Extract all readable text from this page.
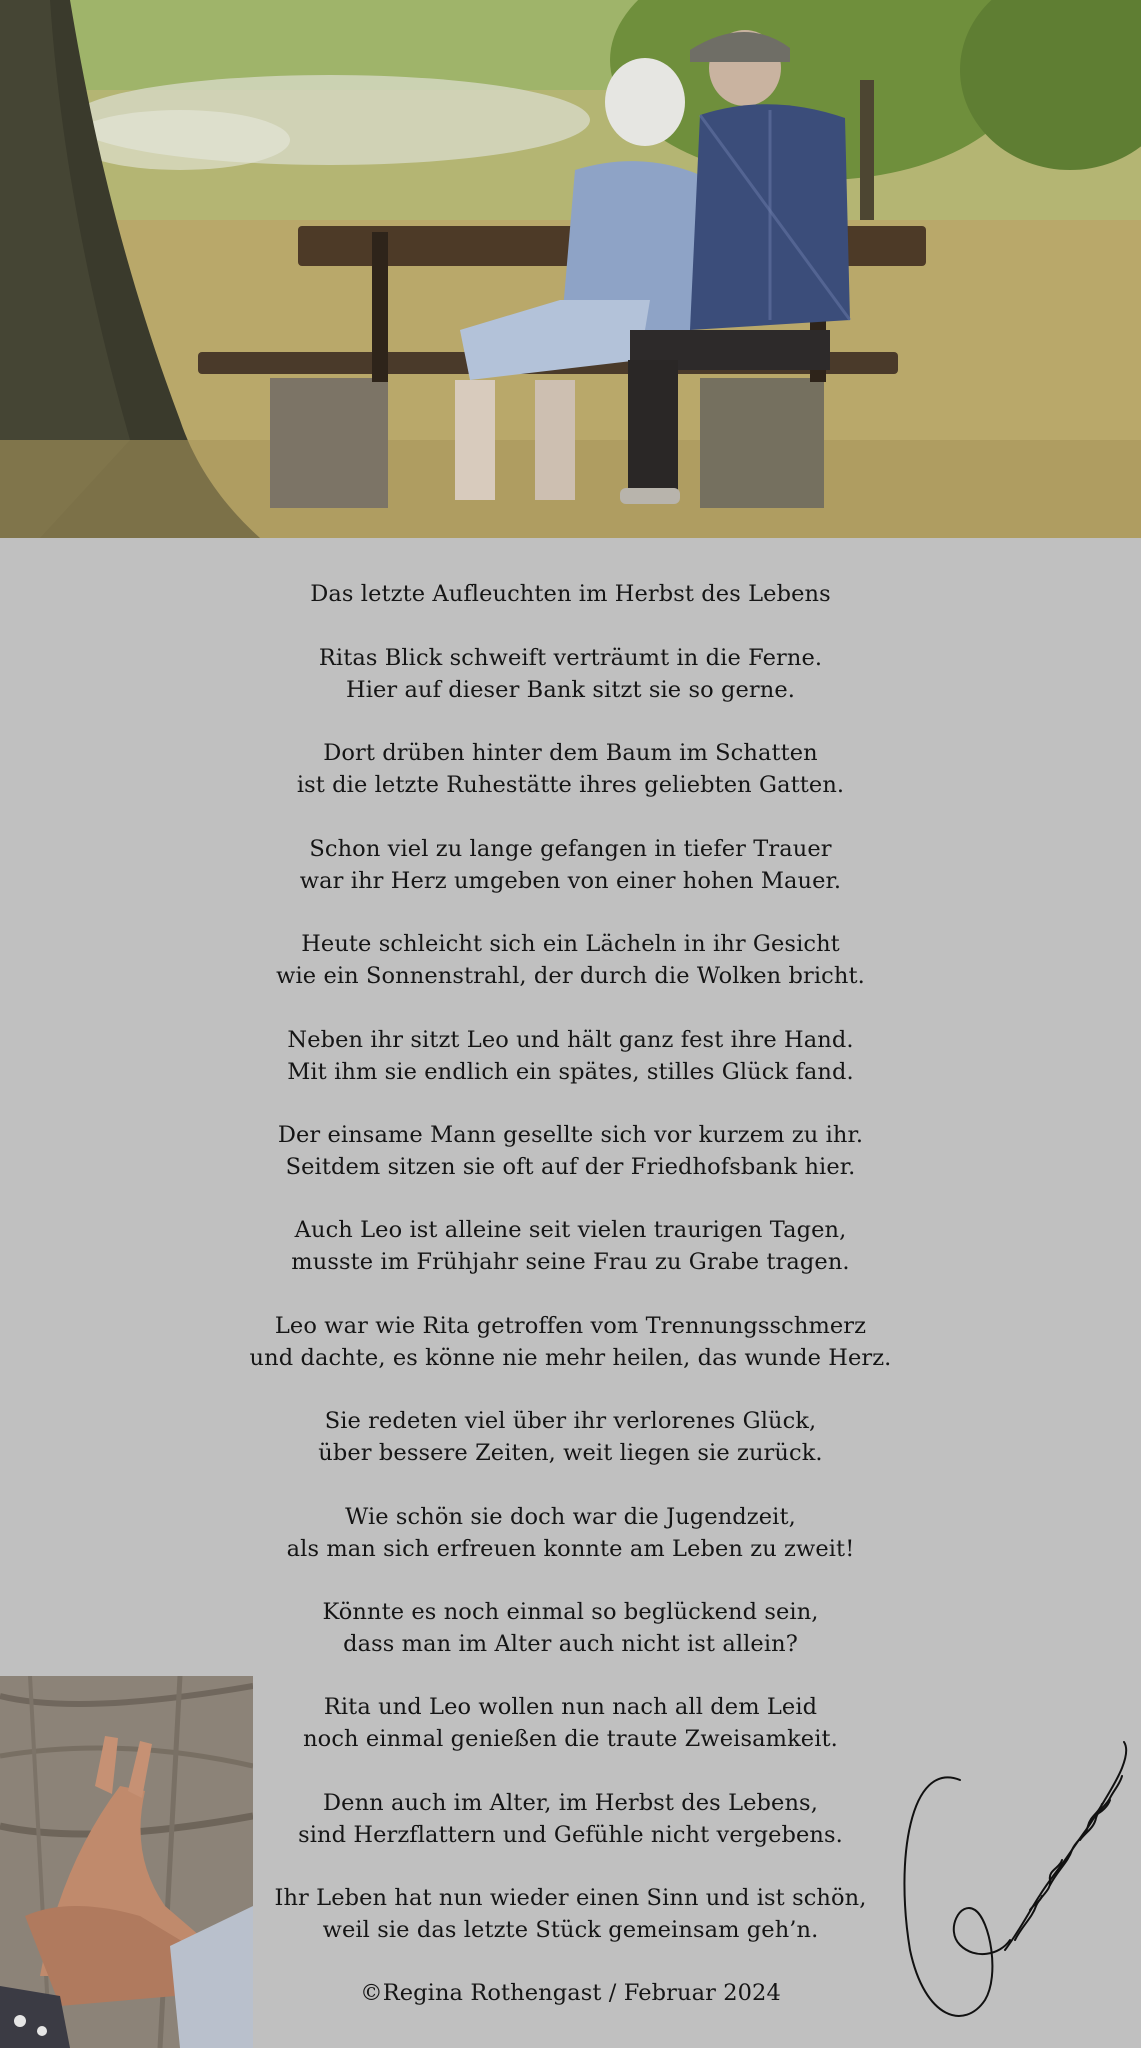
Das letzte Aufleuchten im Herbst des Lebens
Ritas Blick schweift verträumt in die Ferne.
Hier auf dieser Bank sitzt sie so gerne.
Dort drüben hinter dem Baum im Schatten
ist die letzte Ruhestätte ihres geliebten Gatten.
Schon viel zu lange gefangen in tiefer Trauer
war ihr Herz umgeben von einer hohen Mauer.
Heute schleicht sich ein Lächeln in ihr Gesicht
wie ein Sonnenstrahl, der durch die Wolken bricht.
Neben ihr sitzt Leo und hält ganz fest ihre Hand.
Mit ihm sie endlich ein spätes, stilles Glück fand.
Der einsame Mann gesellte sich vor kurzem zu ihr.
Seitdem sitzen sie oft auf der Friedhofsbank hier.
Auch Leo ist alleine seit vielen traurigen Tagen,
musste im Frühjahr seine Frau zu Grabe tragen.
Leo war wie Rita getroffen vom Trennungsschmerz
und dachte, es könne nie mehr heilen, das wunde Herz.
Sie redeten viel über ihr verlorenes Glück,
über bessere Zeiten, weit liegen sie zurück.
Wie schön sie doch war die Jugendzeit,
als man sich erfreuen konnte am Leben zu zweit!
Könnte es noch einmal so beglückend sein,
dass man im Alter auch nicht ist allein?
Rita und Leo wollen nun nach all dem Leid
noch einmal genießen die traute Zweisamkeit.
Denn auch im Alter, im Herbst des Lebens,
sind Herzflattern und Gefühle nicht vergebens.
Ihr Leben hat nun wieder einen Sinn und ist schön,
weil sie das letzte Stück gemeinsam geh’n.
©Regina Rothengast / Februar 2024
